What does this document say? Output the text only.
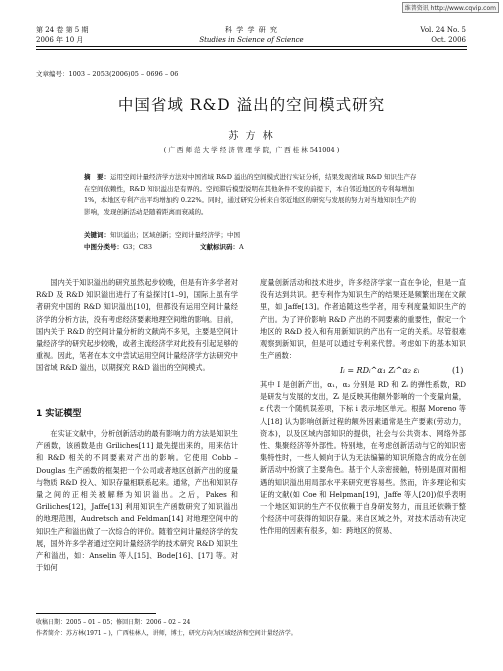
维普资讯 http://www.cqvip.com
第 24 卷 第 5 期	科 学 学 研 究	Vol. 24 No. 5
2006 年 10 月	Studies in Science of Science	Oct. 2006
文章编号：1003 – 2053(2006)05 – 0696 – 06
中国省域 R&D 溢出的空间模式研究
苏 方 林
( 广 西 师 范 大 学 经 济 管 理 学 院，广 西 桂 林 541004 )
摘　要：运用空间计量经济学方法对中国省域 R&D 溢出的空间模式进行实证分析，结果发现省域 R&D 知识生产存在空间依赖性，R&D 知识溢出是有界的。空间滞后模型说明在其他条件不变的前提下，本自邻近地区的专利每增加 1%，本地区专利产出平均增加约 0.22%。同时，通过研究分析来自邻近地区的研究与发展的努力对当地知识生产的影响，发现创新活动是随着距离而衰减的。
关键词：知识溢出；区域创新；空间计量经济学；中国
中图分类号：G3；C83	文献标识码：A
国内关于知识溢出的研究虽然起步较晚，但是有许多学者对 R&D 及 R&D 知识溢出进行了有益探讨[1–9]，国际上虽有学者研究中国的 R&D 知识溢出[10]，但都没有运用空间计量经济学的分析方法，没有考虑经济要素地理空间维的影响。目前，国内关于 R&D 的空间计量分析的文献尚不多见，主要是空间计量经济学的研究起步较晚，或者主流经济学对此投有引起足够的重视。因此，笔者在本文中尝试运用空间计量经济学方法研究中国省域 R&D 溢出，以期探究 R&D 溢出的空间模式。
1 实证模型
在实证文献中，分析创新活动的最有影响力的方法是知识生产函数，该函数是由 Griliches[11] 最先提出来的，用来估计和 R&D 相关的不同要素对产出的影响。它使用 Cobb – Douglas 生产函数的框架把一个公司或者地区创新产出的度量与物质 R&D 投入、知识存量相联系起来。通常，产出和知识存量之间的正相关被解释为知识溢出。之后，Pakes 和 Griliches[12]，Jaffe[13] 利用知识生产函数研究了知识溢出的地理范围，Audretsch and Feldman[14] 对地理空间中的知识生产和溢出做了一次综合的评价。随着空间计量经济学的发展，国外许多学者通过空间计量经济学的技术研究 R&D 知识生产和溢出，如：Anselin 等人[15]、Bode[16]、[17] 等。对于如何
度量创新活动和技术进步，许多经济学家一直在争论，但是一直没有达到共识。把专利作为知识生产的结果还是频繁出现在文献里，如 Jaffe[13]。作者追随这些学者，用专利度量知识生产的产出。为了评价影响 R&D 产出的不同要素的重要性，假定一个地区的 R&D 投入和有用新知识的产出有一定的关系。尽管很难观察到新知识，但是可以通过专利来代替。考虑如下的基本知识生产函数：
Iᵢ = RDᵢ^α₁ Zᵢ^α₂ εᵢ	(1)
其中 I 是创新产出，α₁，α₂ 分别是 RD 和 Zᵢ 的弹性系数，RD 是研发与发展的支出，Zᵢ 是反映其他额外影响的一个变量向量，ε 代表一个随机误差项，下标 i 表示地区单元。根据 Moreno 等人[18] 认为影响创新过程的额外因素通常是生产要素(劳动力，资本)，以及区域内部知识的提供，社会与公共资本、网络外部性、集聚经济等外部性。特别地，在考虑创新活动与它的知识密集特性时，一些人倾向于认为无法编纂的知识所隐含的成分在创新活动中扮演了主要角色。基于个人亲密接触，特别是面对面相遇的知识溢出用局部水平来研究更容易些。然而，许多理论和实证的文献(如 Coe 和 Helpman[19]，Jaffe 等人[20])似乎表明一个地区知识的生产不仅依赖于自身研发努力，而且还依赖于整个经济中可获得的知识存量。来自区域之外，对技术活动有决定性作用的因素有很多，如：跨地区的贸易、
收稿日期：2005 – 01 – 05；修回日期：2006 – 02 – 24
作者简介：苏方林(1971 – )，广西桂林人，讲师，博士，研究方向为区域经济和空间计量经济学。
